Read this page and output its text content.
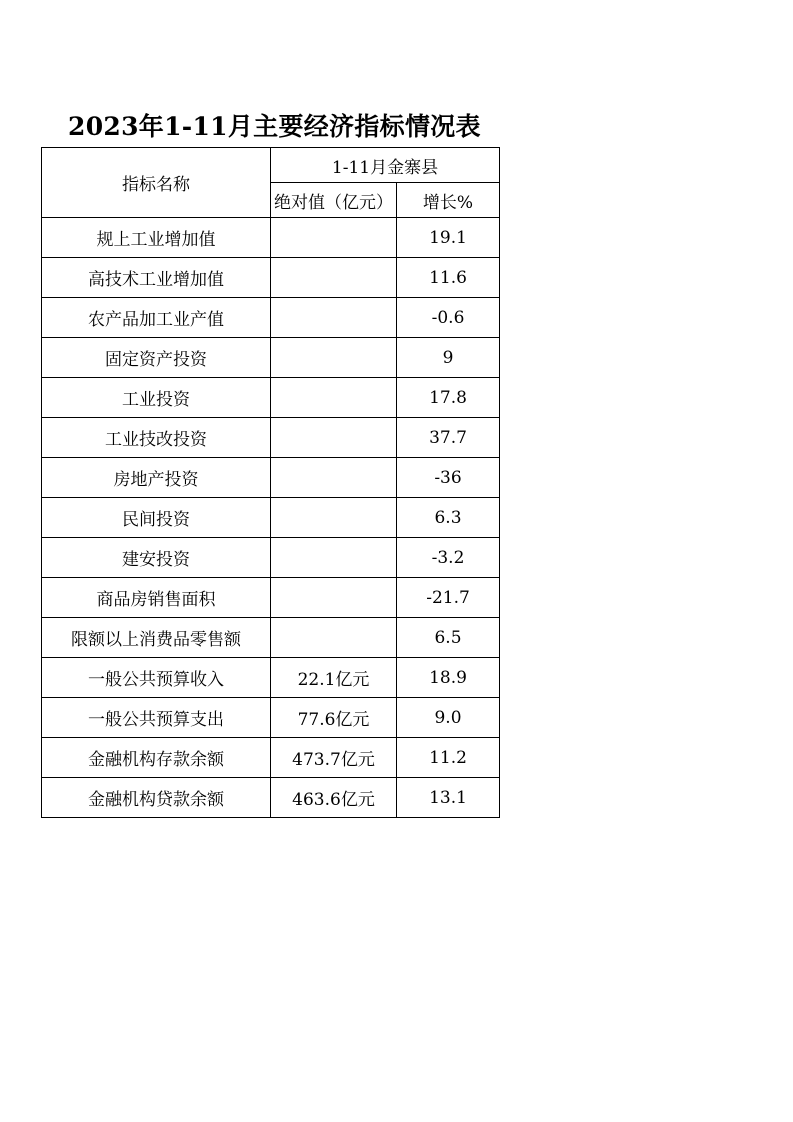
2023年1-11月主要经济指标情况表
指标名称	1-11月金寨县	
	绝对值（亿元）	增长%
规上工业增加值		19.1
高技术工业增加值		11.6
农产品加工业产值		-0.6
固定资产投资		9
工业投资		17.8
工业技改投资		37.7
房地产投资		-36
民间投资		6.3
建安投资		-3.2
商品房销售面积		-21.7
限额以上消费品零售额		6.5
一般公共预算收入	22.1亿元	18.9
一般公共预算支出	77.6亿元	9.0
金融机构存款余额	473.7亿元	11.2
金融机构贷款余额	463.6亿元	13.1
